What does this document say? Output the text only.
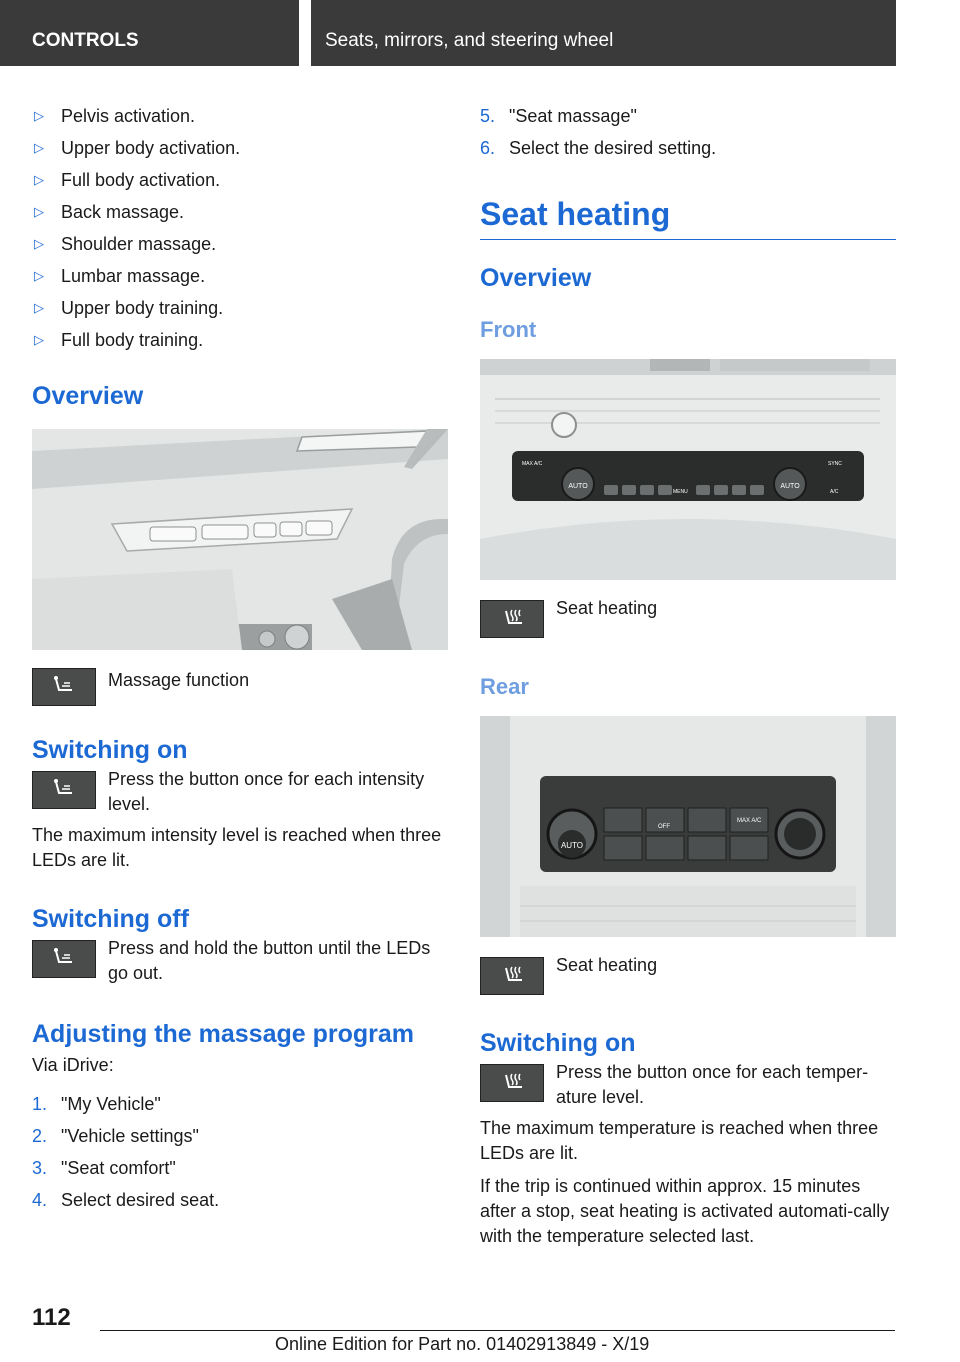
CONTROLS	Seats, mirrors, and steering wheel
▷ Pelvis activation.
▷ Upper body activation.
▷ Full body activation.
▷ Back massage.
▷ Shoulder massage.
▷ Lumbar massage.
▷ Upper body training.
▷ Full body training.
Overview

Massage function

Switching on

Press the button once for each intensity level.

The maximum intensity level is reached when three LEDs are lit.

Switching off

Press and hold the button until the LEDs go out.

Adjusting the massage program

Via iDrive:

1. "My Vehicle"
2. "Vehicle settings"
3. "Seat comfort"
4. Select desired seat.
5. "Seat massage"
6. Select the desired setting.
Seat heating
Overview
Front
AUTO	AUTO
MAX A/C
MENU
SYNC
A/C

Seat heating

Rear
AUTO
OFF
MAX A/C

Seat heating

Switching on

Press the button once for each temper‐ature level.

The maximum temperature is reached when three LEDs are lit.

If the trip is continued within approx. 15 minutes after a stop, seat heating is activated automati‐cally with the temperature selected last.

112
Online Edition for Part no. 01402913849 - X/19
